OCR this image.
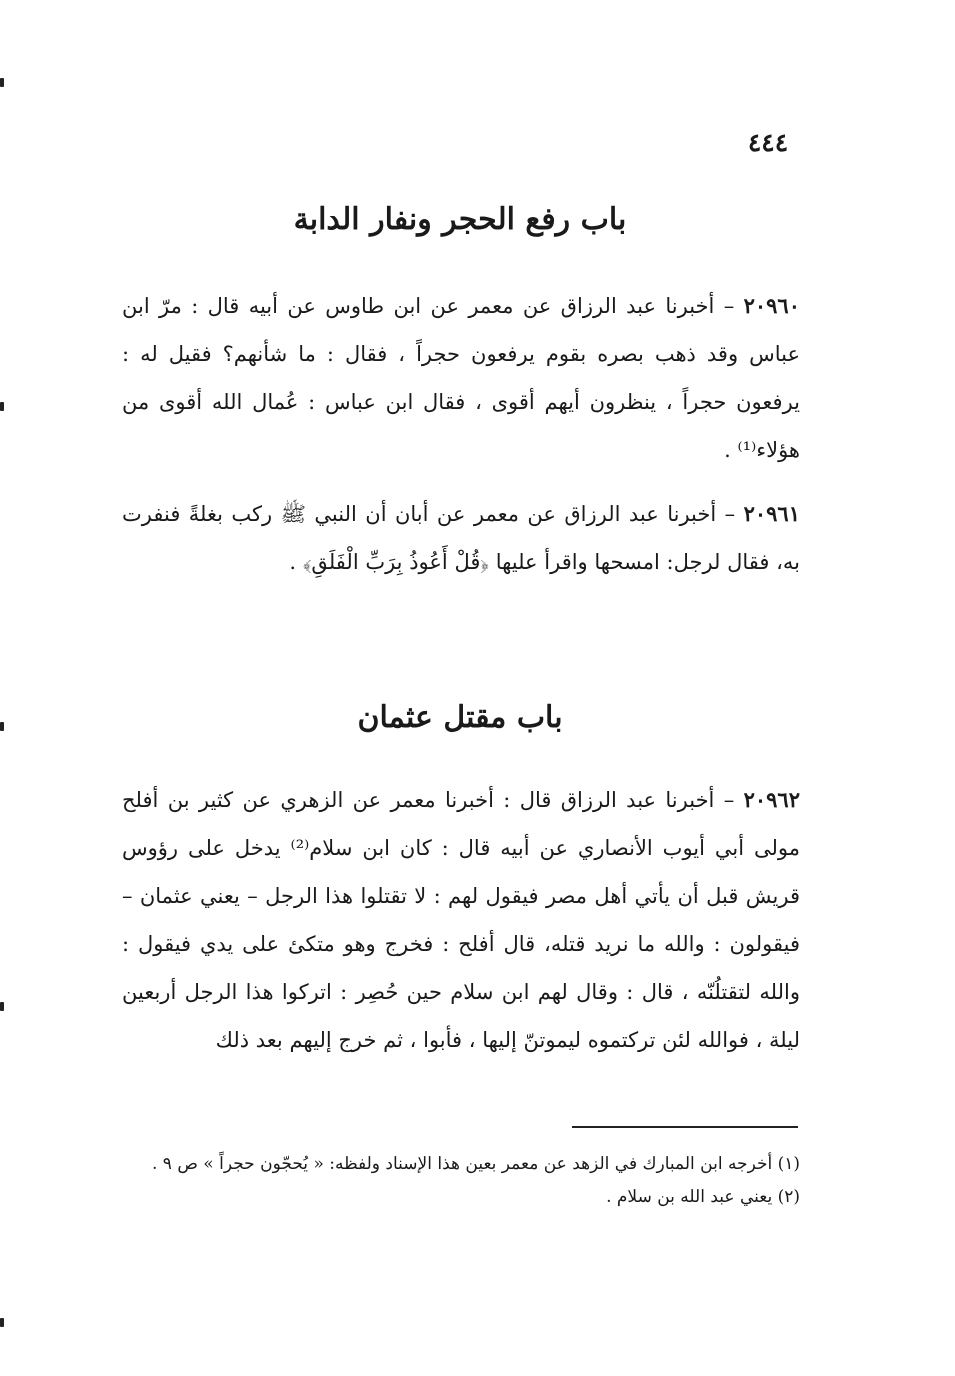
٤٤٤
باب رفع الحجر ونفار الدابة
٢٠٩٦٠ – أخبرنا عبد الرزاق عن معمر عن ابن طاوس عن أبيه قال : مرّ ابن عباس وقد ذهب بصره بقوم يرفعون حجراً ، فقال : ما شأنهم؟ فقيل له : يرفعون حجراً ، ينظرون أيهم أقوى ، فقال ابن عباس : عُمال الله أقوى من هؤلاء⁽¹⁾ .
٢٠٩٦١ – أخبرنا عبد الرزاق عن معمر عن أبان أن النبي ﷺ ركب بغلةً فنفرت به، فقال لرجل: امسحها واقرأ عليها ﴿قُلْ أَعُوذُ بِرَبِّ الْفَلَقِ﴾ .
باب مقتل عثمان
٢٠٩٦٢ – أخبرنا عبد الرزاق قال : أخبرنا معمر عن الزهري عن كثير بن أفلح مولى أبي أيوب الأنصاري عن أبيه قال : كان ابن سلام⁽²⁾ يدخل على رؤوس قريش قبل أن يأتي أهل مصر فيقول لهم : لا تقتلوا هذا الرجل – يعني عثمان – فيقولون : والله ما نريد قتله، قال أفلح : فخرج وهو متكئ على يدي فيقول : والله لتقتلُنّه ، قال : وقال لهم ابن سلام حين حُصِر : اتركوا هذا الرجل أربعين ليلة ، فوالله لئن تركتموه ليموتنّ إليها ، فأبوا ، ثم خرج إليهم بعد ذلك

(١) أخرجه ابن المبارك في الزهد عن معمر بعين هذا الإسناد ولفظه: « يُحجّون حجراً » ص ٩ .

(٢) يعني عبد الله بن سلام .
